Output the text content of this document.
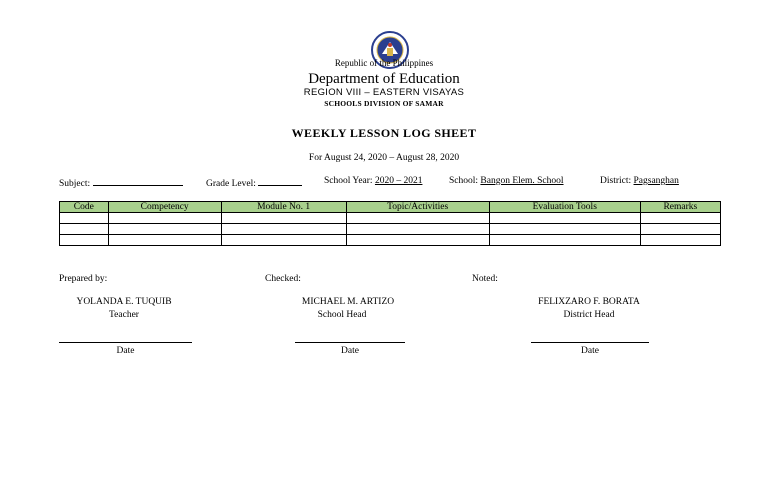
Republic of the Philippines
Department of Education
REGION VIII – EASTERN VISAYAS
SCHOOLS DIVISION OF SAMAR
WEEKLY LESSON LOG SHEET
For August 24, 2020 – August 28, 2020
Subject:	Grade Level:	School Year: 2020 – 2021	School: Bangon Elem. School	District: Pagsanghan
Code	Competency	Module No. 1	Topic/Activities	Evaluation Tools	Remarks

Prepared by:	Checked:	Noted:
YOLANDA E. TUQUIB
Teacher
Date
MICHAEL M. ARTIZO
School Head
Date
FELIXZARO F. BORATA
District Head
Date
